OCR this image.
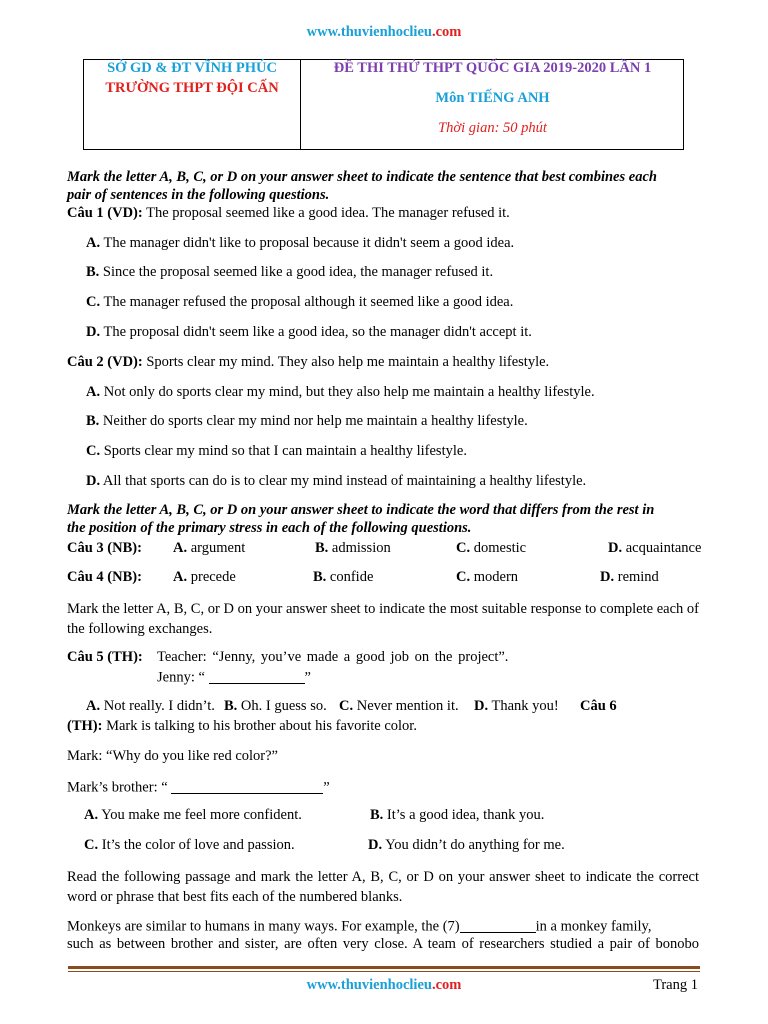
www.thuvienhoclieu.com
SỞ GD & ĐT VĨNH PHÚC
TRƯỜNG THPT ĐỘI CẤN
ĐỀ THI THỬ THPT QUỐC GIA 2019-2020 LẦN 1
Môn TIẾNG ANH
Thời gian: 50 phút
Mark the letter A, B, C, or D on your answer sheet to indicate the sentence that best combines each
pair of sentences in the following questions.
Câu 1 (VD): The proposal seemed like a good idea. The manager refused it.
A. The manager didn't like to proposal because it didn't seem a good idea.
B. Since the proposal seemed like a good idea, the manager refused it.
C. The manager refused the proposal although it seemed like a good idea.
D. The proposal didn't seem like a good idea, so the manager didn't accept it.
Câu 2 (VD): Sports clear my mind. They also help me maintain a healthy lifestyle.
A. Not only do sports clear my mind, but they also help me maintain a healthy lifestyle.
B. Neither do sports clear my mind nor help me maintain a healthy lifestyle.
C. Sports clear my mind so that I can maintain a healthy lifestyle.
D. All that sports can do is to clear my mind instead of maintaining a healthy lifestyle.
Mark the letter A, B, C, or D on your answer sheet to indicate the word that differs from the rest in
the position of the primary stress in each of the following questions.
Câu 3 (NB): A. argument	B. admission	C. domestic	D. acquaintance
Câu 4 (NB): A. precede	B. confide	C. modern	D. remind
Mark the letter A, B, C, or D on your answer sheet to indicate the most suitable response to complete each of the following exchanges.
Câu 5 (TH): Teacher: “Jenny, you’ve made a good job on the project”.
Jenny: “	”
A. Not really. I didn’t. B. Oh. I guess so. C. Never mention it. D. Thank you! Câu 6
(TH): Mark is talking to his brother about his favorite color.
Mark: “Why do you like red color?”
Mark’s brother: “	”
A. You make me feel more confident.	B. It’s a good idea, thank you.
C. It’s the color of love and passion.	D. You didn’t do anything for me.
Read the following passage and mark the letter A, B, C, or D on your answer sheet to indicate the correct word or phrase that best fits each of the numbered blanks.
Monkeys are similar to humans in many ways. For example, the (7)	in a monkey family,
such as between brother and sister, are often very close. A team of researchers studied a pair of bonobo
www.thuvienhoclieu.com	Trang 1
